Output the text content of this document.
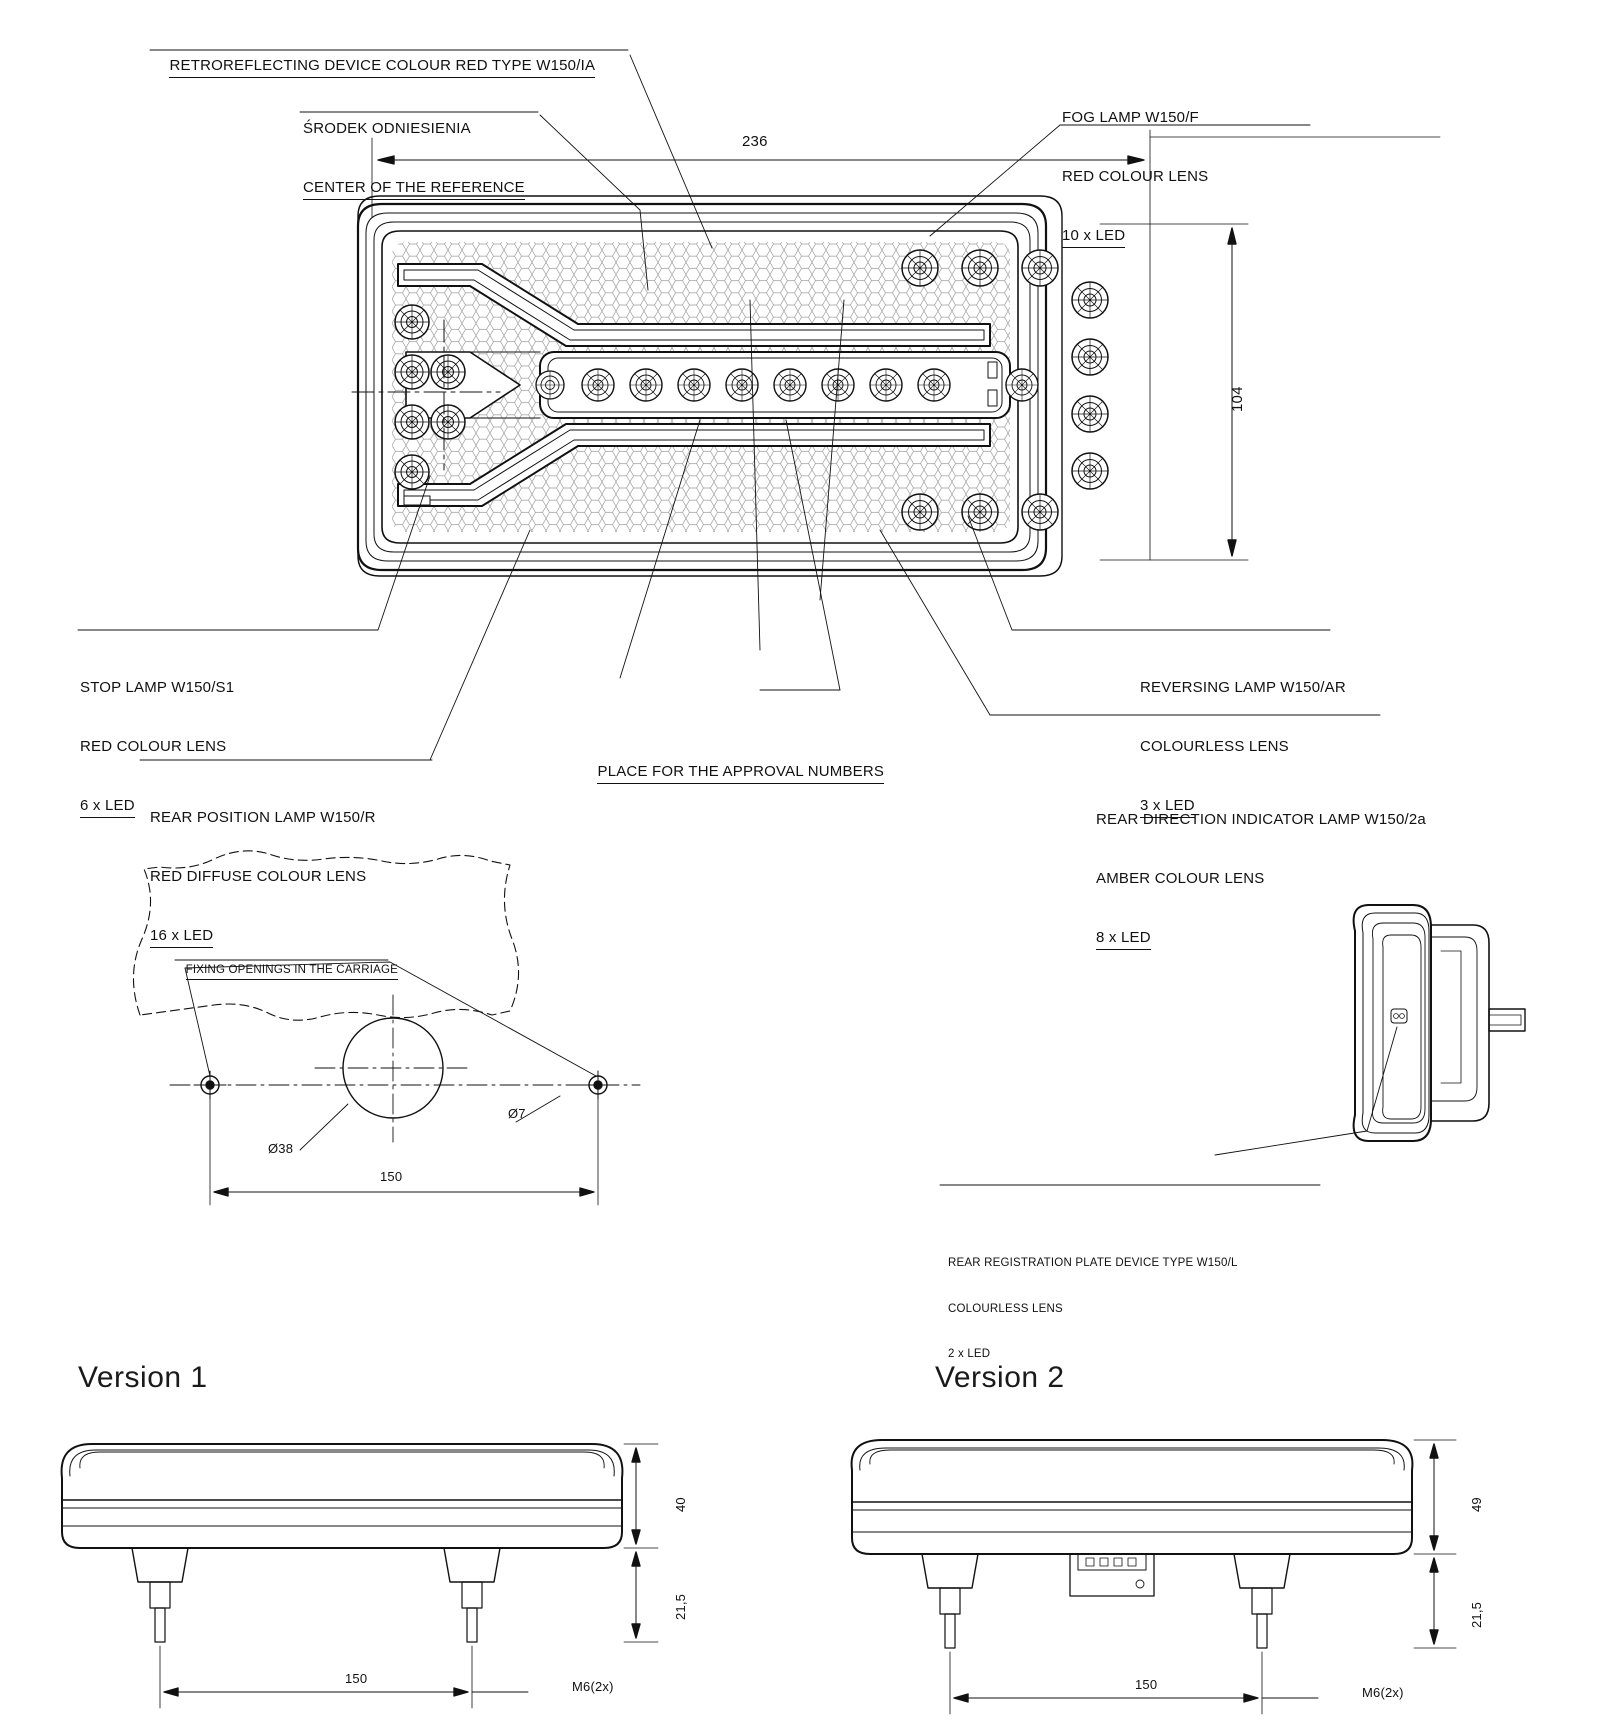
RETROREFLECTING DEVICE COLOUR RED TYPE W150/IA

ŚRODEK ODNIESIENIA

CENTER OF THE REFERENCE

FOG LAMP W150/F

RED COLOUR LENS

10 x LED

STOP LAMP W150/S1

RED COLOUR LENS

6 x LED

REVERSING LAMP W150/AR

COLOURLESS LENS

3 x LED

REAR POSITION LAMP W150/R

RED DIFFUSE COLOUR LENS

16 x LED

PLACE FOR THE APPROVAL NUMBERS

REAR DIRECTION INDICATOR LAMP W150/2a

AMBER COLOUR LENS

8 x LED

236
104

FIXING OPENINGS IN THE CARRIAGE

Ø38
Ø7
150

REAR REGISTRATION PLATE DEVICE TYPE W150/L

COLOURLESS LENS

2 x LED

Version 1	Version 2
40
21,5
150
M6(2x)
49
21,5
150
M6(2x)
